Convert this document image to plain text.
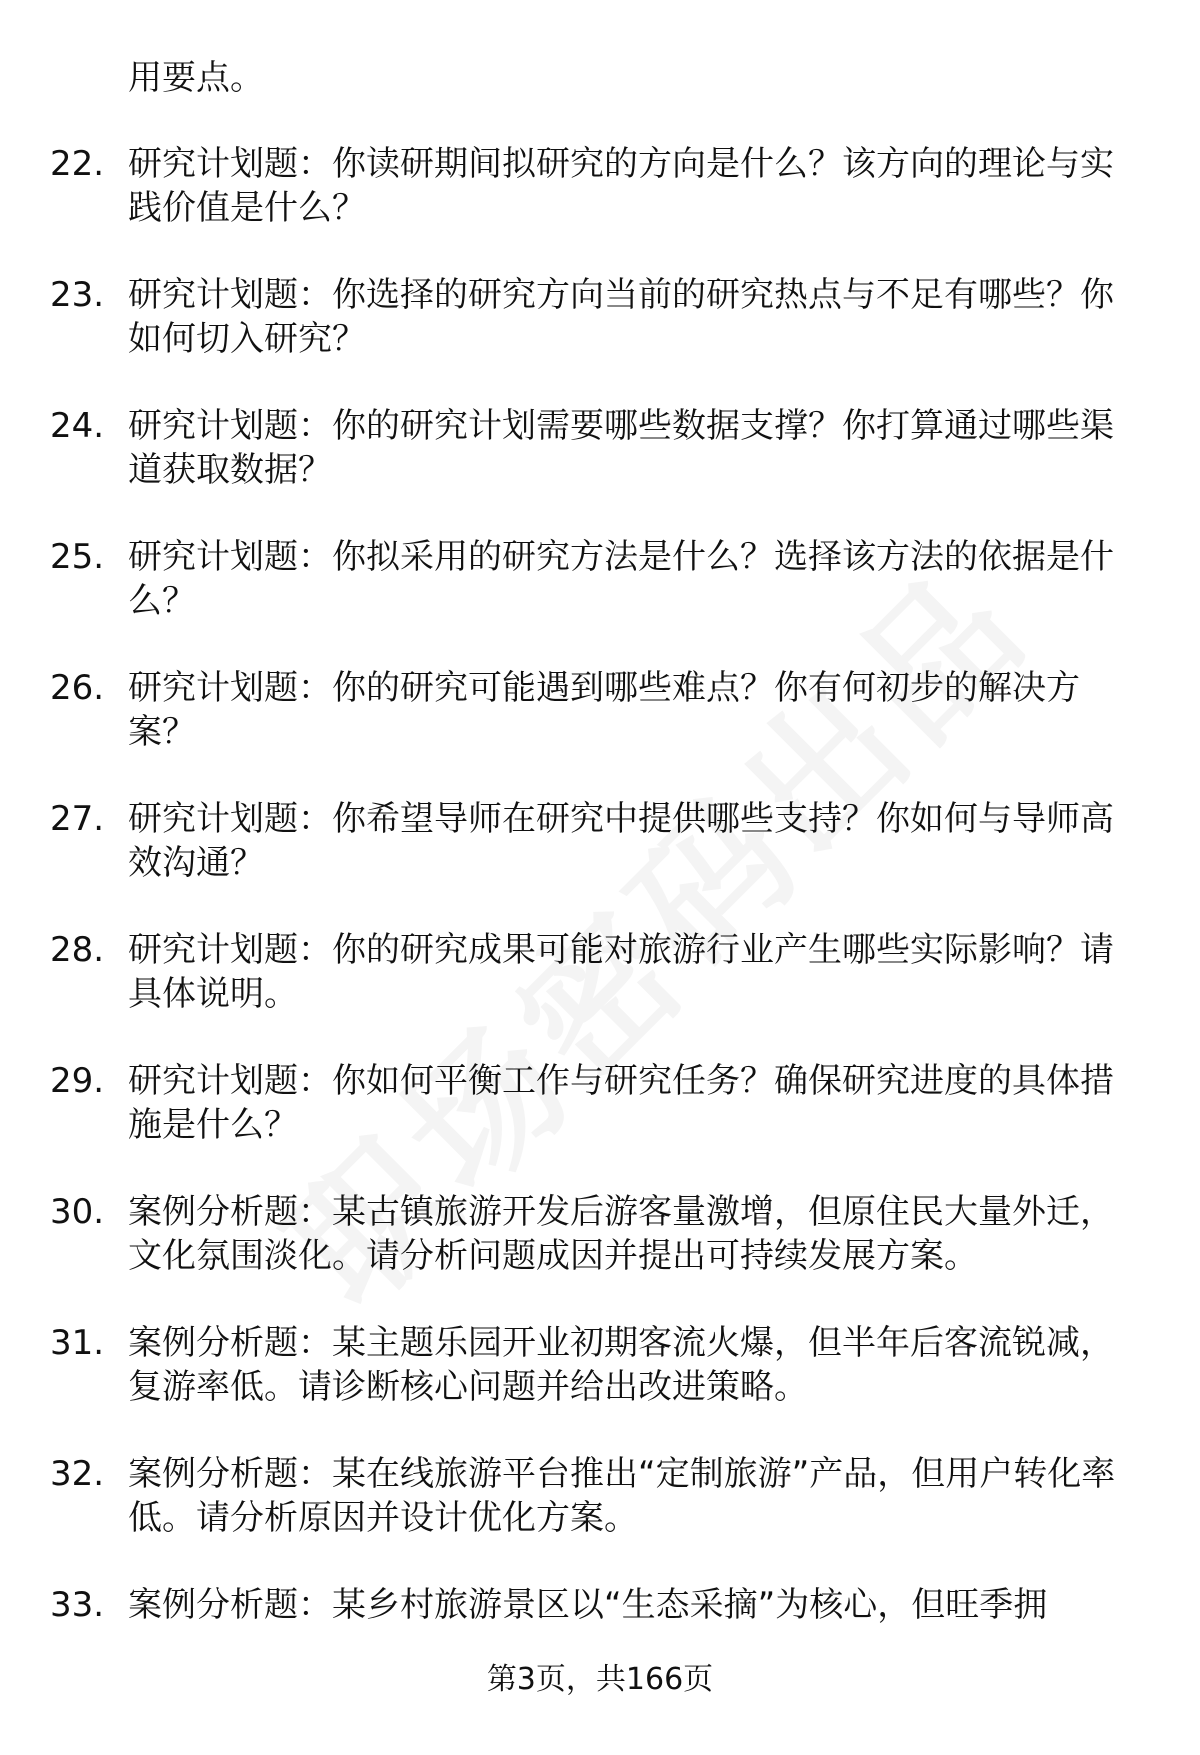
用要点。
22. 研究计划题：你读研期间拟研究的方向是什么？该方向的理论与实践价值是什么？
23. 研究计划题：你选择的研究方向当前的研究热点与不足有哪些？你如何切入研究？
24. 研究计划题：你的研究计划需要哪些数据支撑？你打算通过哪些渠道获取数据？
25. 研究计划题：你拟采用的研究方法是什么？选择该方法的依据是什么？
26. 研究计划题：你的研究可能遇到哪些难点？你有何初步的解决方案？
27. 研究计划题：你希望导师在研究中提供哪些支持？你如何与导师高效沟通？
28. 研究计划题：你的研究成果可能对旅游行业产生哪些实际影响？请具体说明。
29. 研究计划题：你如何平衡工作与研究任务？确保研究进度的具体措施是什么？
30. 案例分析题：某古镇旅游开发后游客量激增，但原住民大量外迁，文化氛围淡化。请分析问题成因并提出可持续发展方案。
31. 案例分析题：某主题乐园开业初期客流火爆，但半年后客流锐减，复游率低。请诊断核心问题并给出改进策略。
32. 案例分析题：某在线旅游平台推出“定制旅游”产品，但用户转化率低。请分析原因并设计优化方案。
33. 案例分析题：某乡村旅游景区以“生态采摘”为核心，但旺季拥
第3页，共166页
